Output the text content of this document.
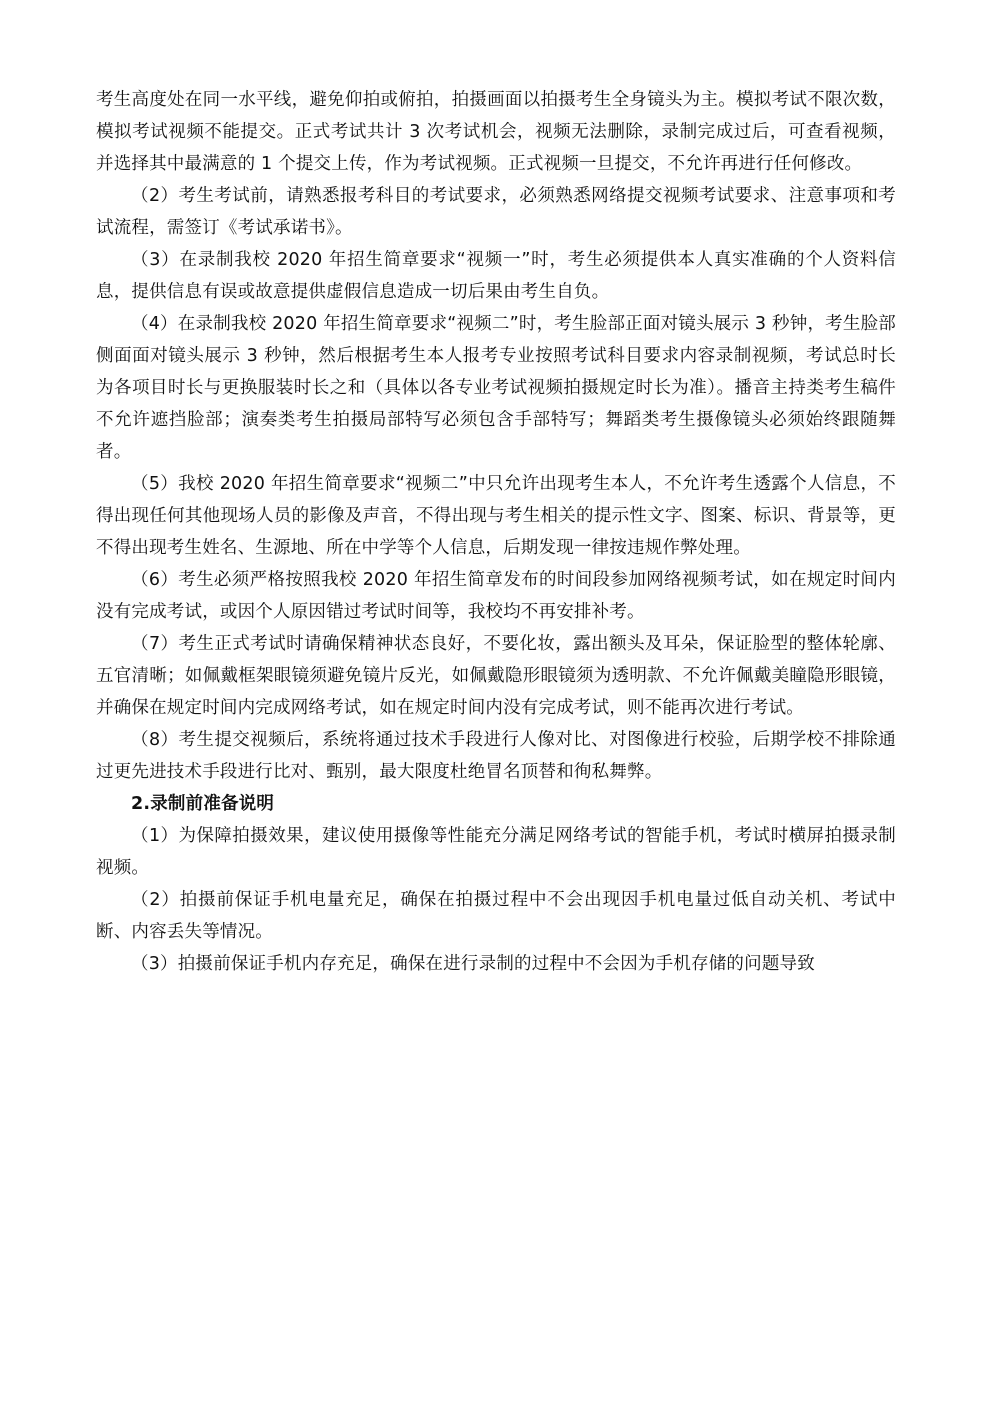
考生高度处在同一水平线，避免仰拍或俯拍，拍摄画面以拍摄考生全身镜头为主。模拟考试不限次数，模拟考试视频不能提交。正式考试共计 3 次考试机会，视频无法删除，录制完成过后，可查看视频，并选择其中最满意的 1 个提交上传，作为考试视频。正式视频一旦提交，不允许再进行任何修改。

（2）考生考试前，请熟悉报考科目的考试要求，必须熟悉网络提交视频考试要求、注意事项和考试流程，需签订《考试承诺书》。

（3）在录制我校 2020 年招生简章要求“视频一”时，考生必须提供本人真实准确的个人资料信息，提供信息有误或故意提供虚假信息造成一切后果由考生自负。

（4）在录制我校 2020 年招生简章要求“视频二”时，考生脸部正面对镜头展示 3 秒钟，考生脸部侧面面对镜头展示 3 秒钟，然后根据考生本人报考专业按照考试科目要求内容录制视频，考试总时长为各项目时长与更换服装时长之和（具体以各专业考试视频拍摄规定时长为准）。播音主持类考生稿件不允许遮挡脸部；演奏类考生拍摄局部特写必须包含手部特写；舞蹈类考生摄像镜头必须始终跟随舞者。

（5）我校 2020 年招生简章要求“视频二”中只允许出现考生本人，不允许考生透露个人信息，不得出现任何其他现场人员的影像及声音，不得出现与考生相关的提示性文字、图案、标识、背景等，更不得出现考生姓名、生源地、所在中学等个人信息，后期发现一律按违规作弊处理。

（6）考生必须严格按照我校 2020 年招生简章发布的时间段参加网络视频考试，如在规定时间内没有完成考试，或因个人原因错过考试时间等，我校均不再安排补考。

（7）考生正式考试时请确保精神状态良好，不要化妆，露出额头及耳朵，保证脸型的整体轮廓、五官清晰；如佩戴框架眼镜须避免镜片反光，如佩戴隐形眼镜须为透明款、不允许佩戴美瞳隐形眼镜，并确保在规定时间内完成网络考试，如在规定时间内没有完成考试，则不能再次进行考试。

（8）考生提交视频后，系统将通过技术手段进行人像对比、对图像进行校验，后期学校不排除通过更先进技术手段进行比对、甄别，最大限度杜绝冒名顶替和徇私舞弊。

2.录制前准备说明

（1）为保障拍摄效果，建议使用摄像等性能充分满足网络考试的智能手机，考试时横屏拍摄录制视频。

（2）拍摄前保证手机电量充足，确保在拍摄过程中不会出现因手机电量过低自动关机、考试中断、内容丢失等情况。

（3）拍摄前保证手机内存充足，确保在进行录制的过程中不会因为手机存储的问题导致
